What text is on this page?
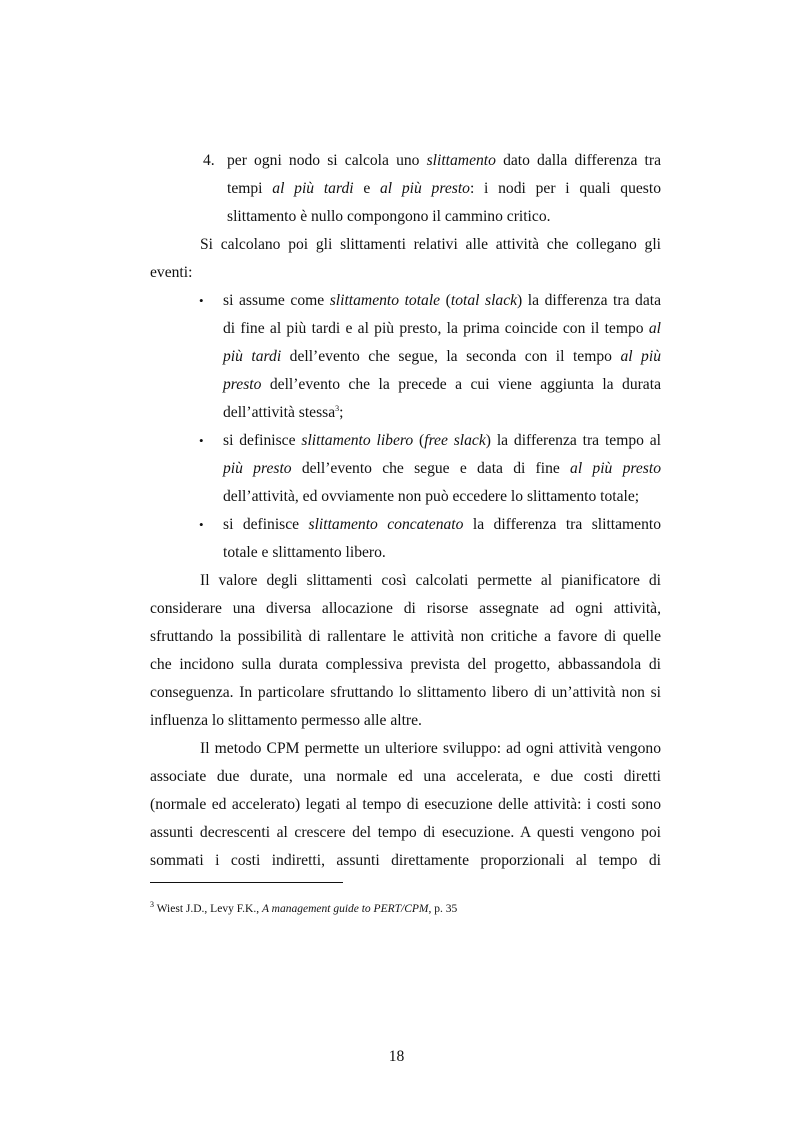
4. per ogni nodo si calcola uno slittamento dato dalla differenza tra
tempi al più tardi e al più presto: i nodi per i quali questo
slittamento è nullo compongono il cammino critico.
Si calcolano poi gli slittamenti relativi alle attività che collegano gli
eventi:
• si assume come slittamento totale (total slack) la differenza tra data
di fine al più tardi e al più presto, la prima coincide con il tempo al
più tardi dell’evento che segue, la seconda con il tempo al più
presto dell’evento che la precede a cui viene aggiunta la durata
dell’attività stessa$^3$;
• si definisce slittamento libero (free slack) la differenza tra tempo al
più presto dell’evento che segue e data di fine al più presto
dell’attività, ed ovviamente non può eccedere lo slittamento totale;
• si definisce slittamento concatenato la differenza tra slittamento
totale e slittamento libero.
Il valore degli slittamenti così calcolati permette al pianificatore di
considerare una diversa allocazione di risorse assegnate ad ogni attività,
sfruttando la possibilità di rallentare le attività non critiche a favore di quelle
che incidono sulla durata complessiva prevista del progetto, abbassandola di
conseguenza. In particolare sfruttando lo slittamento libero di un’attività non si
influenza lo slittamento permesso alle altre.
Il metodo CPM permette un ulteriore sviluppo: ad ogni attività vengono
associate due durate, una normale ed una accelerata, e due costi diretti
(normale ed accelerato) legati al tempo di esecuzione delle attività: i costi sono
assunti decrescenti al crescere del tempo di esecuzione. A questi vengono poi
sommati i costi indiretti, assunti direttamente proporzionali al tempo di
$^3$ Wiest J.D., Levy F.K., A management guide to PERT/CPM, p. 35
18
